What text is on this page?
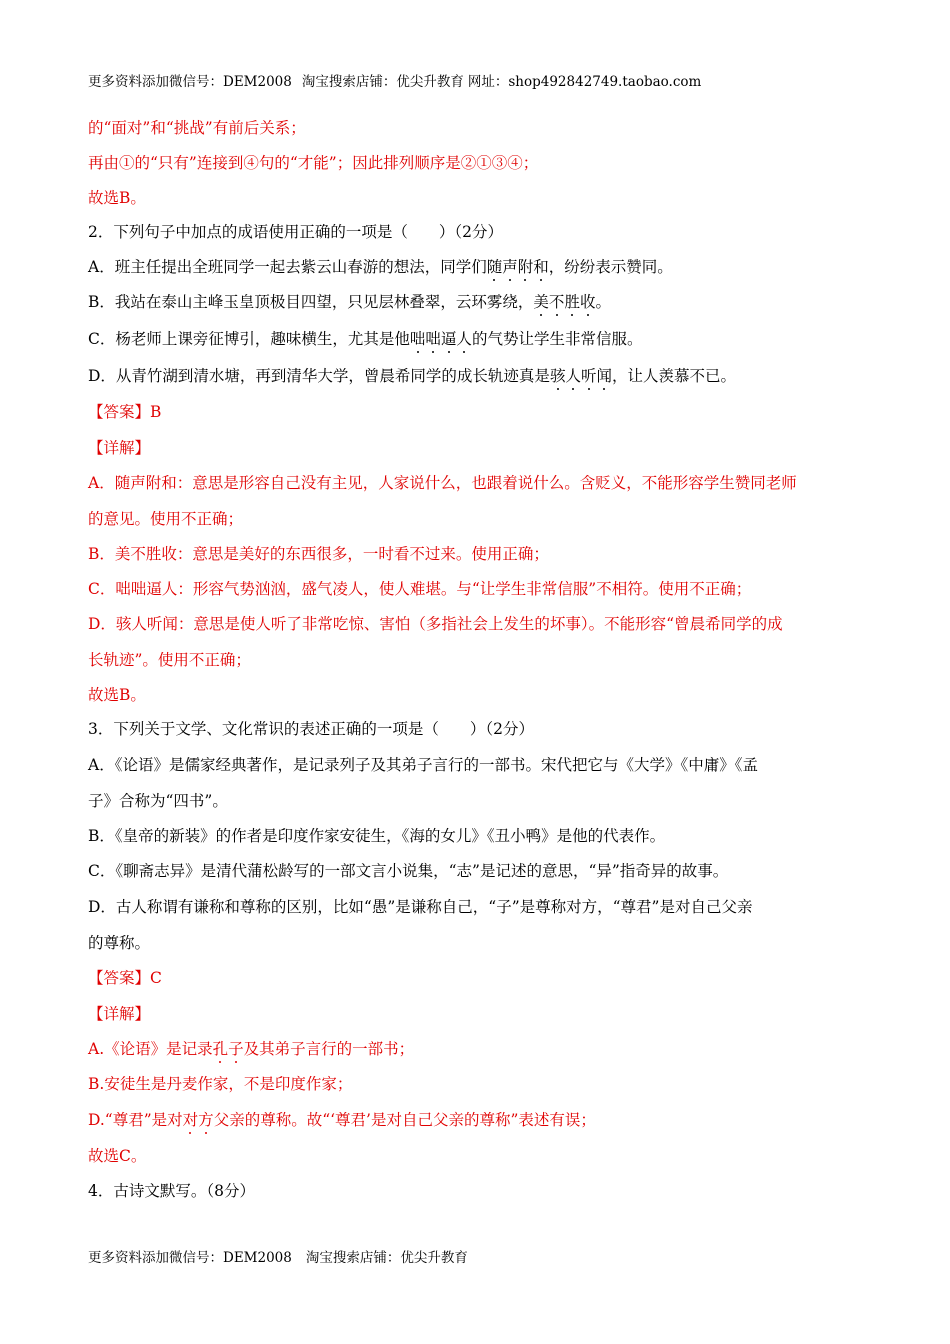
更多资料添加微信号：DEM2008 淘宝搜索店铺：优尖升教育 网址：shop492842749.taobao.com
的“面对”和“挑战”有前后关系；
再由①的“只有”连接到④句的“才能”；因此排列顺序是②①③④；
故选B。
2．下列句子中加点的成语使用正确的一项是（　　）（2分）
A．班主任提出全班同学一起去紫云山春游的想法，同学们随声附和，纷纷表示赞同。
B．我站在泰山主峰玉皇顶极目四望，只见层林叠翠，云环雾绕，美不胜收。
C．杨老师上课旁征博引，趣味横生，尤其是他咄咄逼人的气势让学生非常信服。
D．从青竹湖到清水塘，再到清华大学，曾晨希同学的成长轨迹真是骇人听闻，让人羡慕不已。
【答案】B
【详解】
A．随声附和：意思是形容自己没有主见，人家说什么，也跟着说什么。含贬义，不能形容学生赞同老师
的意见。使用不正确；
B．美不胜收：意思是美好的东西很多，一时看不过来。使用正确；
C．咄咄逼人：形容气势汹汹，盛气凌人，使人难堪。与“让学生非常信服”不相符。使用不正确；
D．骇人听闻：意思是使人听了非常吃惊、害怕（多指社会上发生的坏事）。不能形容“曾晨希同学的成
长轨迹”。使用不正确；
故选B。
3．下列关于文学、文化常识的表述正确的一项是（　　）（2分）
A．《论语》是儒家经典著作，是记录列子及其弟子言行的一部书。宋代把它与《大学》《中庸》《孟
子》合称为“四书”。
B．《皇帝的新装》的作者是印度作家安徒生，《海的女儿》《丑小鸭》是他的代表作。
C．《聊斋志异》是清代蒲松龄写的一部文言小说集，“志”是记述的意思，“异”指奇异的故事。
D．古人称谓有谦称和尊称的区别，比如“愚”是谦称自己，“子”是尊称对方，“尊君”是对自己父亲
的尊称。
【答案】C
【详解】
A.《论语》是记录孔子及其弟子言行的一部书；
B.安徒生是丹麦作家，不是印度作家；
D.“尊君”是对对方父亲的尊称。故“‘尊君’是对自己父亲的尊称”表述有误；
故选C。
4．古诗文默写。（8分）
更多资料添加微信号：DEM2008 淘宝搜索店铺：优尖升教育
